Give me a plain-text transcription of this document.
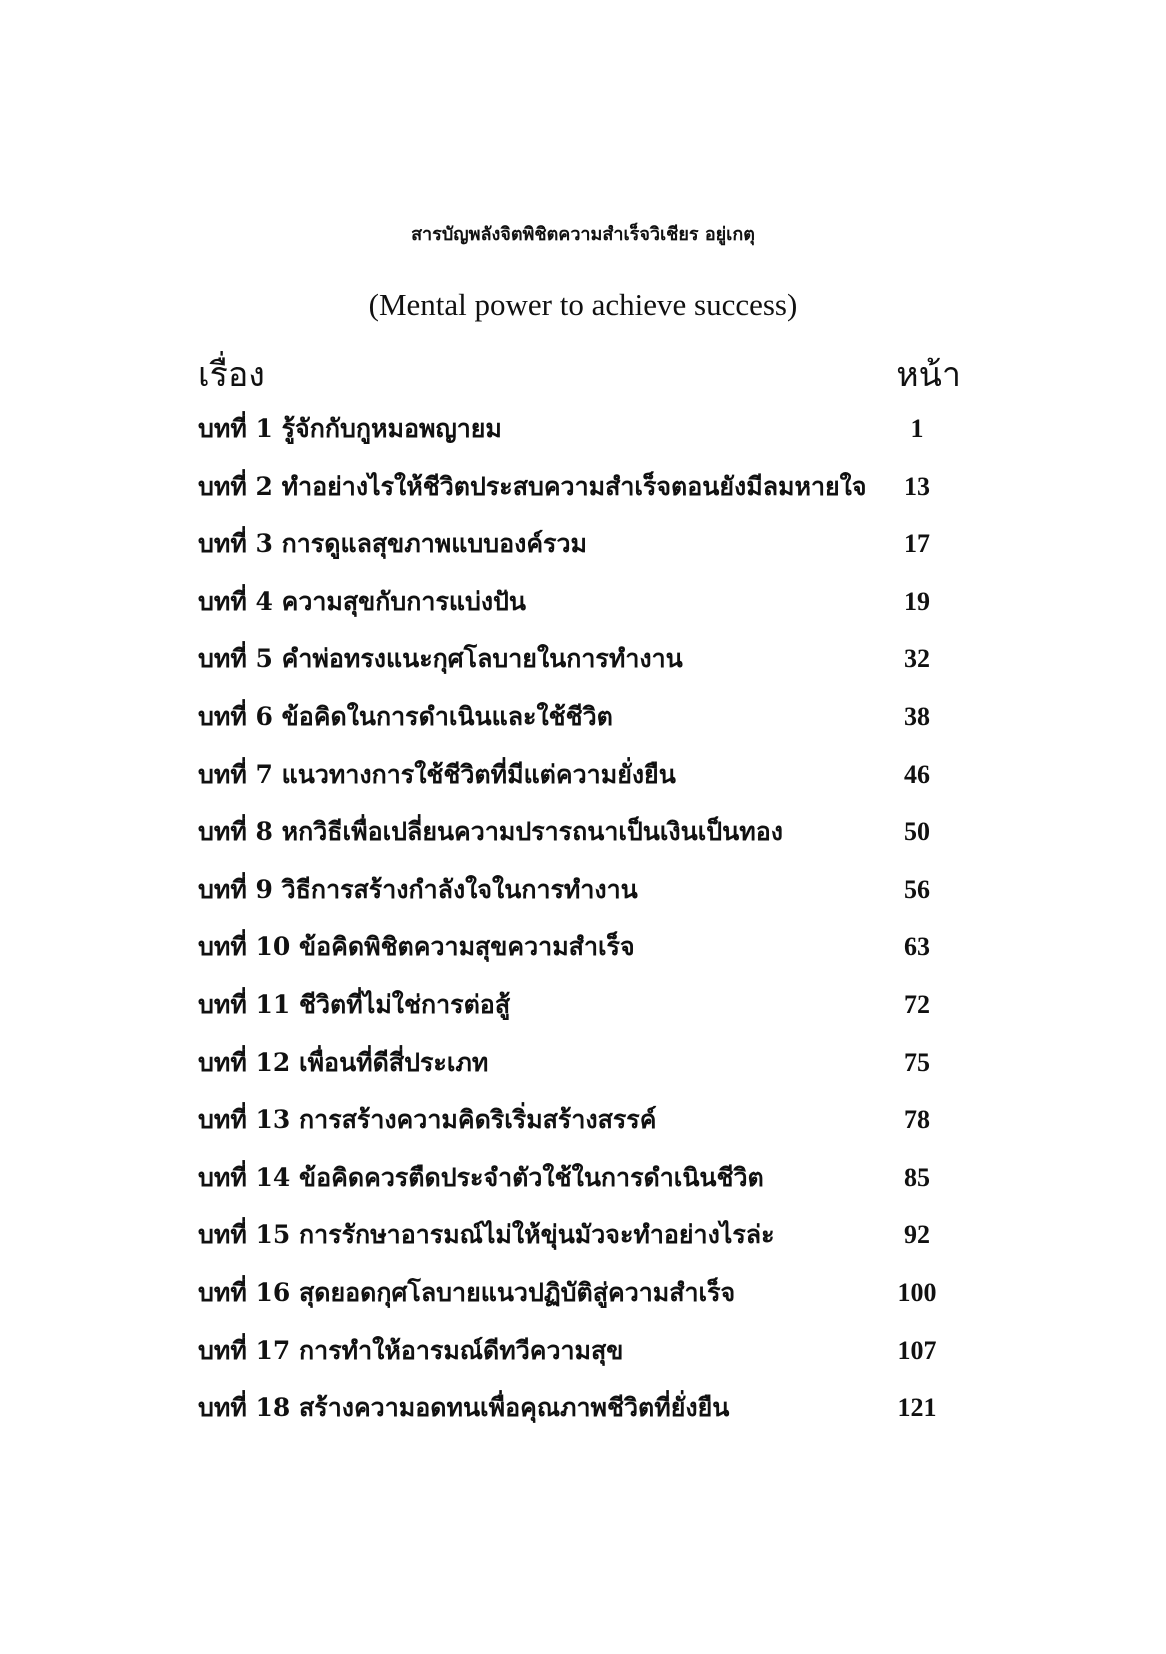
สารบัญพลังจิตพิชิตความสำเร็จวิเชียร อยู่เกตุ
(Mental power to achieve success)
เรื่อง	หน้า
บทที่ 1 รู้จักกับกูหมอพญายม	1
บทที่ 2 ทำอย่างไรให้ชีวิตประสบความสำเร็จตอนยังมีลมหายใจ	13
บทที่ 3 การดูแลสุขภาพแบบองค์รวม	17
บทที่ 4 ความสุขกับการแบ่งปัน	19
บทที่ 5 คำพ่อทรงแนะกุศโลบายในการทำงาน	32
บทที่ 6 ข้อคิดในการดำเนินและใช้ชีวิต	38
บทที่ 7 แนวทางการใช้ชีวิตที่มีแต่ความยั่งยืน	46
บทที่ 8 หกวิธีเพื่อเปลี่ยนความปรารถนาเป็นเงินเป็นทอง	50
บทที่ 9 วิธีการสร้างกำลังใจในการทำงาน	56
บทที่ 10 ข้อคิดพิชิตความสุขความสำเร็จ	63
บทที่ 11 ชีวิตที่ไม่ใช่การต่อสู้	72
บทที่ 12 เพื่อนที่ดีสี่ประเภท	75
บทที่ 13 การสร้างความคิดริเริ่มสร้างสรรค์	78
บทที่ 14 ข้อคิดควรตืดประจำตัวใช้ในการดำเนินชีวิต	85
บทที่ 15 การรักษาอารมณ์ไม่ให้ขุ่นมัวจะทำอย่างไรล่ะ	92
บทที่ 16 สุดยอดกุศโลบายแนวปฏิบัติสู่ความสำเร็จ	100
บทที่ 17 การทำให้อารมณ์ดีทวีความสุข	107
บทที่ 18 สร้างความอดทนเพื่อคุณภาพชีวิตที่ยั่งยืน	121
